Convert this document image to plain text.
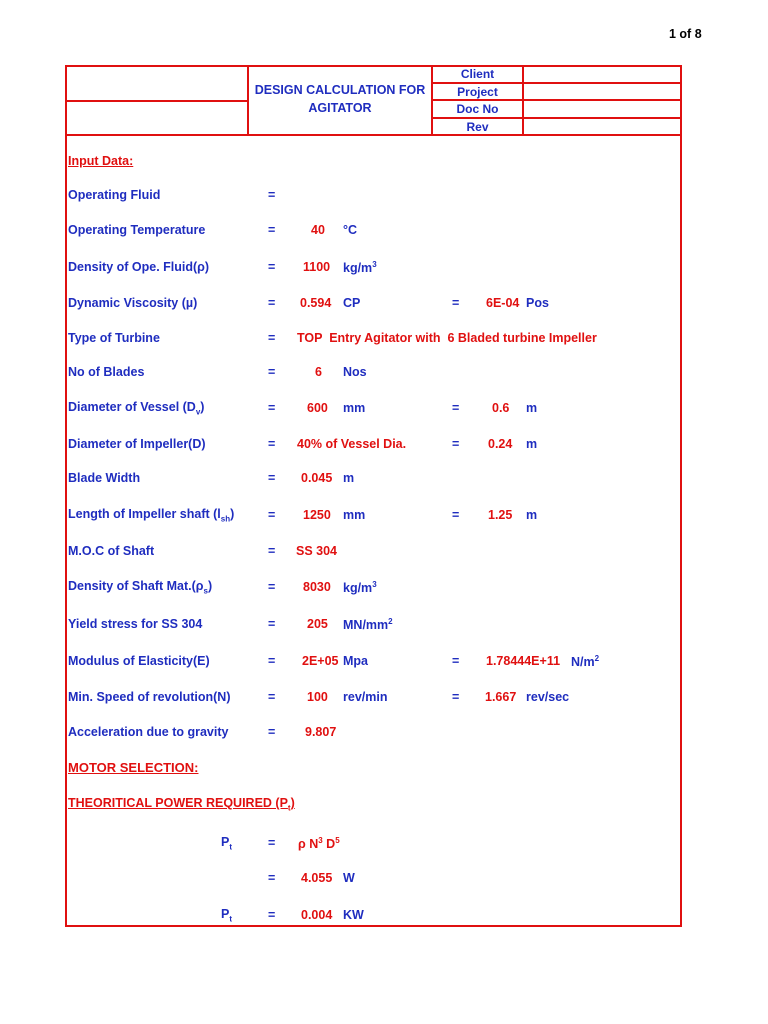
1 of 8
DESIGN CALCULATION FOR
AGITATOR
Client
Project
Doc No
Rev
Input Data:
Operating Fluid	=
Operating Temperature	=	40 °C
Density of Ope. Fluid(ρ)	= 1100 $kg/m^3$
Dynamic Viscosity (µ)	= 0.594 CP	= 6E-04 Pos
Type of Turbine	= TOP  Entry Agitator with  6 Bladed turbine Impeller
No of Blades	=	6 Nos
Diameter of Vessel $(D_v)$	=	600 mm	=	0.6 m
Diameter of Impeller(D)	= 40% of Vessel Dia.	= 0.24 m
Blade Width	= 0.045 m
Length of Impeller shaft $(l_{sh})$	= 1250 mm	= 1.25 m
M.O.C of Shaft	= SS 304
Density of Shaft $Mat.(\rho_s)$	= 8030 $kg/m^3$
Yield stress for SS 304	=	205 $MN/mm^2$
Modulus of Elasticity(E)	= 2E+05 Mpa	= 1.78444E+11 $N/m^2$
Min. Speed of revolution(N)	=	100 rev/min	= 1.667 rev/sec
Acceleration due to gravity	= 9.807
MOTOR SELECTION:
THEORITICAL POWER REQUIRED $(P_t)$
$P_t$	= ρ $N^3$ $D^5$
= 4.055 W
$P_t$	= 0.004 KW
